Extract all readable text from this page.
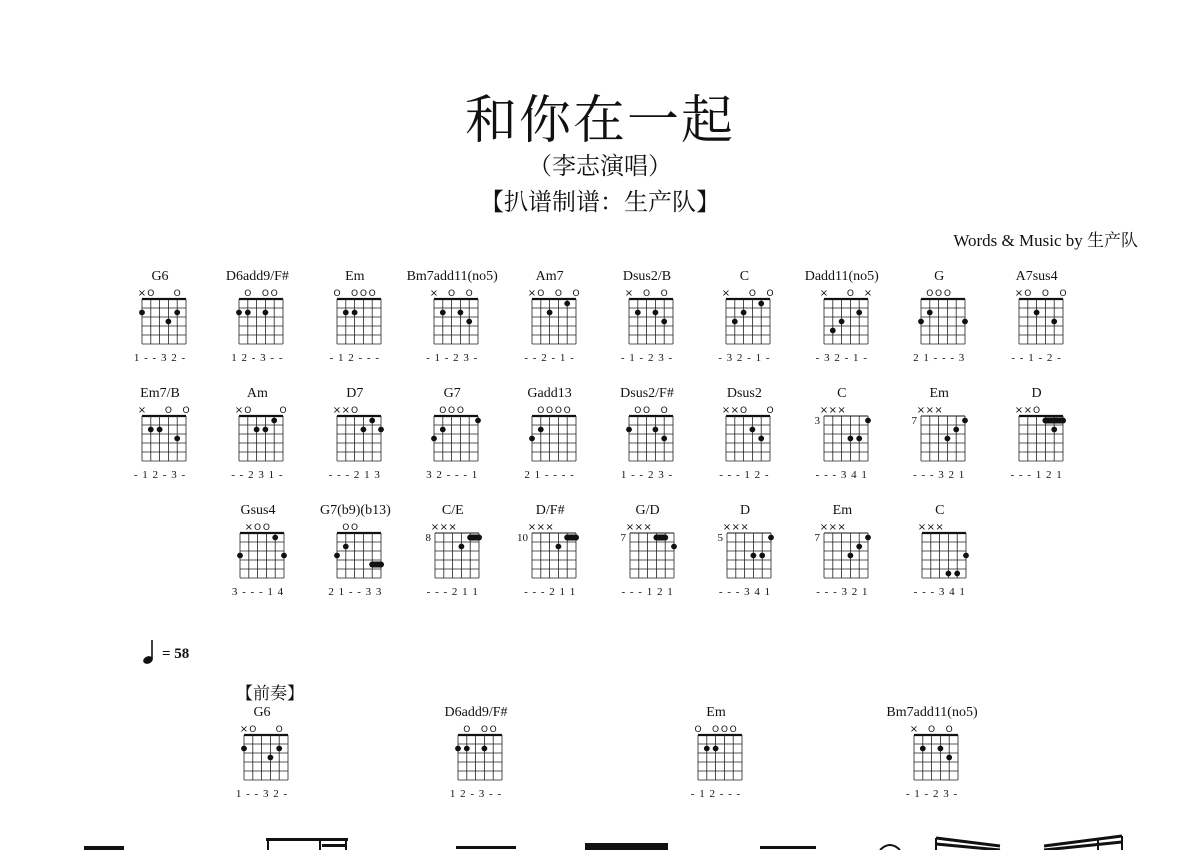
和你在一起
（李志演唱）
【扒谱制谱：生产队】
Words & Music by 生产队
G6
× O O
1 - - 3 2 -
D6add9/F#
O O O
1 2 - 3 - -
Em
O O O O
- 1 2 - - -
Bm7add11(no5)
× O O
- 1 - 2 3 -
Am7
× O O O
- - 2 - 1 -
Dsus2/B
× O O
- 1 - 2 3 -
C
× O O
- 3 2 - 1 -
Dadd11(no5)
× O ×
- 3 2 - 1 -
G
O O O
2 1 - - - 3
A7sus4
× O O O
- - 1 - 2 -
Em7/B
× O O
- 1 2 - 3 -
Am
× O	O
- - 2 3 1 -
D7
× × O
- - - 2 1 3
G7
O O O
3 2 - - - 1
Gadd13
O O O O
2 1 - - - -
Dsus2/F#
O O O
1 - - 2 3 -
Dsus2
× × O O
- - - 1 2 -
C
× × ×
3
- - - 3 4 1
Em
× × ×
7
- - - 3 2 1
D
× × O
- - - 1 2 1
Gsus4
× O O
3 - - - 1 4
G7(b9)(b13)
O O
2 1 - - 3 3
C/E
× × ×
8
- - - 2 1 1
D/F#
× × ×
10
- - - 2 1 1
G/D
× × ×
7
- - - 1 2 1
D
× × ×
5
- - - 3 4 1
Em
× × ×
7
- - - 3 2 1
C
× × ×
- - - 3 4 1
= 58
【前奏】
G6
× O O
1 - - 3 2 -
D6add9/F#
O O O
1 2 - 3 - -
Em
O O O O
- 1 2 - - -
Bm7add11(no5)
× O O
- 1 - 2 3 -
